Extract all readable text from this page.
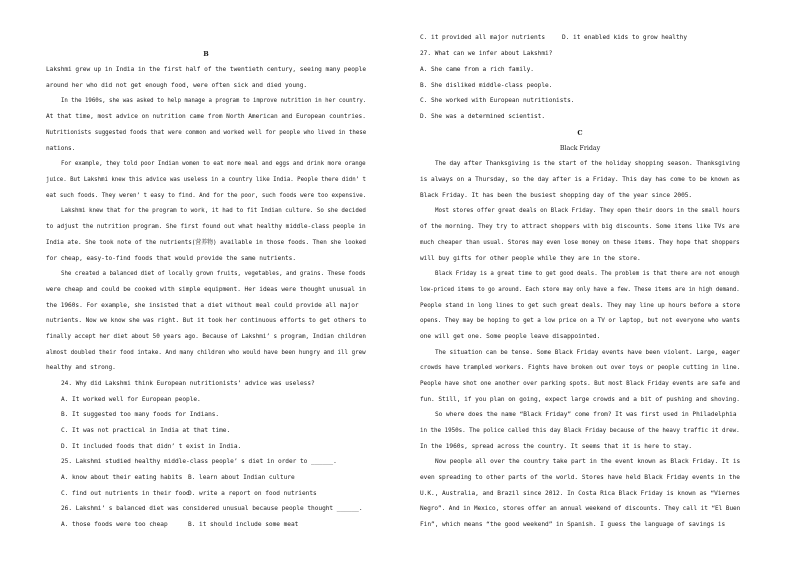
B
Lakshmi grew up in India in the first half of the twentieth century, seeing many people
around her who did not get enough food, were often sick and died young.
In the 1960s, she was asked to help manage a program to improve nutrition in her country.
At that time, most advice on nutrition came from North American and European countries.
Nutritionists suggested foods that were common and worked well for people who lived in these
nations.
For example, they told poor Indian women to eat more meal and eggs and drink more orange
juice. But Lakshmi knew this advice was useless in a country like India. People there didn’ t
eat such foods. They weren’ t easy to find. And for the poor, such foods were too expensive.
Lakshmi knew that for the program to work, it had to fit Indian culture. So she decided
to adjust the nutrition program. She first found out what healthy middle-class people in
India ate. She took note of the nutrients(营养物) available in those foods. Then she looked
for cheap, easy-to-find foods that would provide the same nutrients.
She created a balanced diet of locally grown fruits, vegetables, and grains. These foods
were cheap and could be cooked with simple equipment. Her ideas were thought unusual in
the 1960s. For example, she insisted that a diet without meal could provide all major
nutrients. Now we know she was right. But it took her continuous efforts to get others to
finally accept her diet about 50 years ago. Because of Lakshmi’ s program, Indian children
almost doubled their food intake. And many children who would have been hungry and ill grew
healthy and strong.
24. Why did Lakshmi think European nutritionists’ advice was useless?
A. It worked well for European people.
B. It suggested too many foods for Indians.
C. It was not practical in India at that time.
D. It included foods that didn’ t exist in India.
25. Lakshmi studied healthy middle-class people’ s diet in order to ______.
A. know about their eating habits B. learn about Indian culture
C. find out nutrients in their food
D. write a report on food nutrients
26. Lakshmi’ s balanced diet was considered unusual because people thought ______.
A. those foods were too cheap	B. it should include some meat
C. it provided all major nutrients	D. it enabled kids to grow healthy
27. What can we infer about Lakshmi?
A. She came from a rich family.
B. She disliked middle-class people.
C. She worked with European nutritionists.
D. She was a determined scientist.
C
Black Friday
The day after Thanksgiving is the start of the holiday shopping season. Thanksgiving
is always on a Thursday, so the day after is a Friday. This day has come to be known as
Black Friday. It has been the busiest shopping day of the year since 2005.
Most stores offer great deals on Black Friday. They open their doors in the small hours
of the morning. They try to attract shoppers with big discounts. Some items like TVs are
much cheaper than usual. Stores may even lose money on these items. They hope that shoppers
will buy gifts for other people while they are in the store.
Black Friday is a great time to get good deals. The problem is that there are not enough
low-priced items to go around. Each store may only have a few. These items are in high demand.
People stand in long lines to get such great deals. They may line up hours before a store
opens. They may be hoping to get a low price on a TV or laptop, but not everyone who wants
one will get one. Some people leave disappointed.
The situation can be tense. Some Black Friday events have been violent. Large, eager
crowds have trampled workers. Fights have broken out over toys or people cutting in line.
People have shot one another over parking spots. But most Black Friday events are safe and
fun. Still, if you plan on going, expect large crowds and a bit of pushing and shoving.
So where does the name “Black Friday” come from? It was first used in Philadelphia
in the 1950s. The police called this day Black Friday because of the heavy traffic it drew.
In the 1960s, spread across the country. It seems that it is here to stay.
Now people all over the country take part in the event known as Black Friday. It is
even spreading to other parts of the world. Stores have held Black Friday events in the
U.K., Australia, and Brazil since 2012. In Costa Rica Black Friday is known as “Viernes
Negro”. And in Mexico, stores offer an annual weekend of discounts. They call it “El Buen
Fin”, which means “the good weekend” in Spanish. I guess the language of savings is
